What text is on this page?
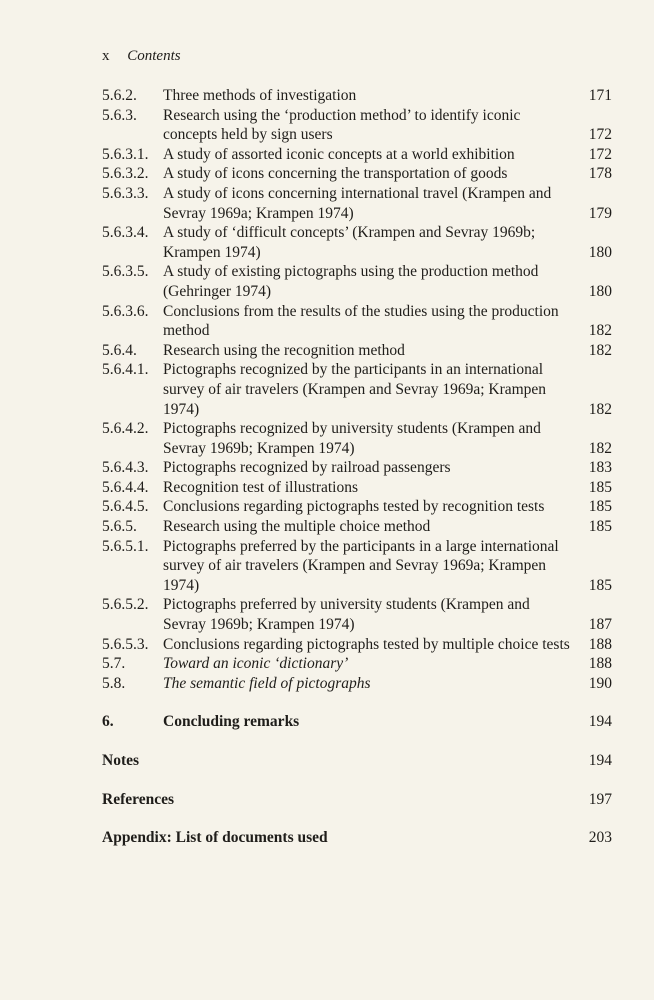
x Contents
5.6.2.	Three methods of investigation	171
5.6.3.	Research using the ‘production method’ to identify iconic concepts held by sign users	172
5.6.3.1. A study of assorted iconic concepts at a world exhibition	172
5.6.3.2. A study of icons concerning the transportation of goods	178
5.6.3.3. A study of icons concerning international travel (Krampen and Sevray 1969a; Krampen 1974)	179
5.6.3.4. A study of ‘difficult concepts’ (Krampen and Sevray 1969b; Krampen 1974)	180
5.6.3.5. A study of existing pictographs using the production method (Gehringer 1974)	180
5.6.3.6. Conclusions from the results of the studies using the production method	182
5.6.4.	Research using the recognition method	182
5.6.4.1. Pictographs recognized by the participants in an international survey of air travelers (Krampen and Sevray 1969a; Krampen 1974)	182
5.6.4.2. Pictographs recognized by university students (Krampen and Sevray 1969b; Krampen 1974)	182
5.6.4.3. Pictographs recognized by railroad passengers	183
5.6.4.4. Recognition test of illustrations	185
5.6.4.5. Conclusions regarding pictographs tested by recognition tests	185
5.6.5.	Research using the multiple choice method	185
5.6.5.1. Pictographs preferred by the participants in a large international survey of air travelers (Krampen and Sevray 1969a; Krampen 1974)	185
5.6.5.2. Pictographs preferred by university students (Krampen and Sevray 1969b; Krampen 1974)	187
5.6.5.3. Conclusions regarding pictographs tested by multiple choice tests	188
5.7.	Toward an iconic ‘dictionary’	188
5.8.	The semantic field of pictographs	190
6.	Concluding remarks	194
Notes	194
References	197
Appendix: List of documents used	203
